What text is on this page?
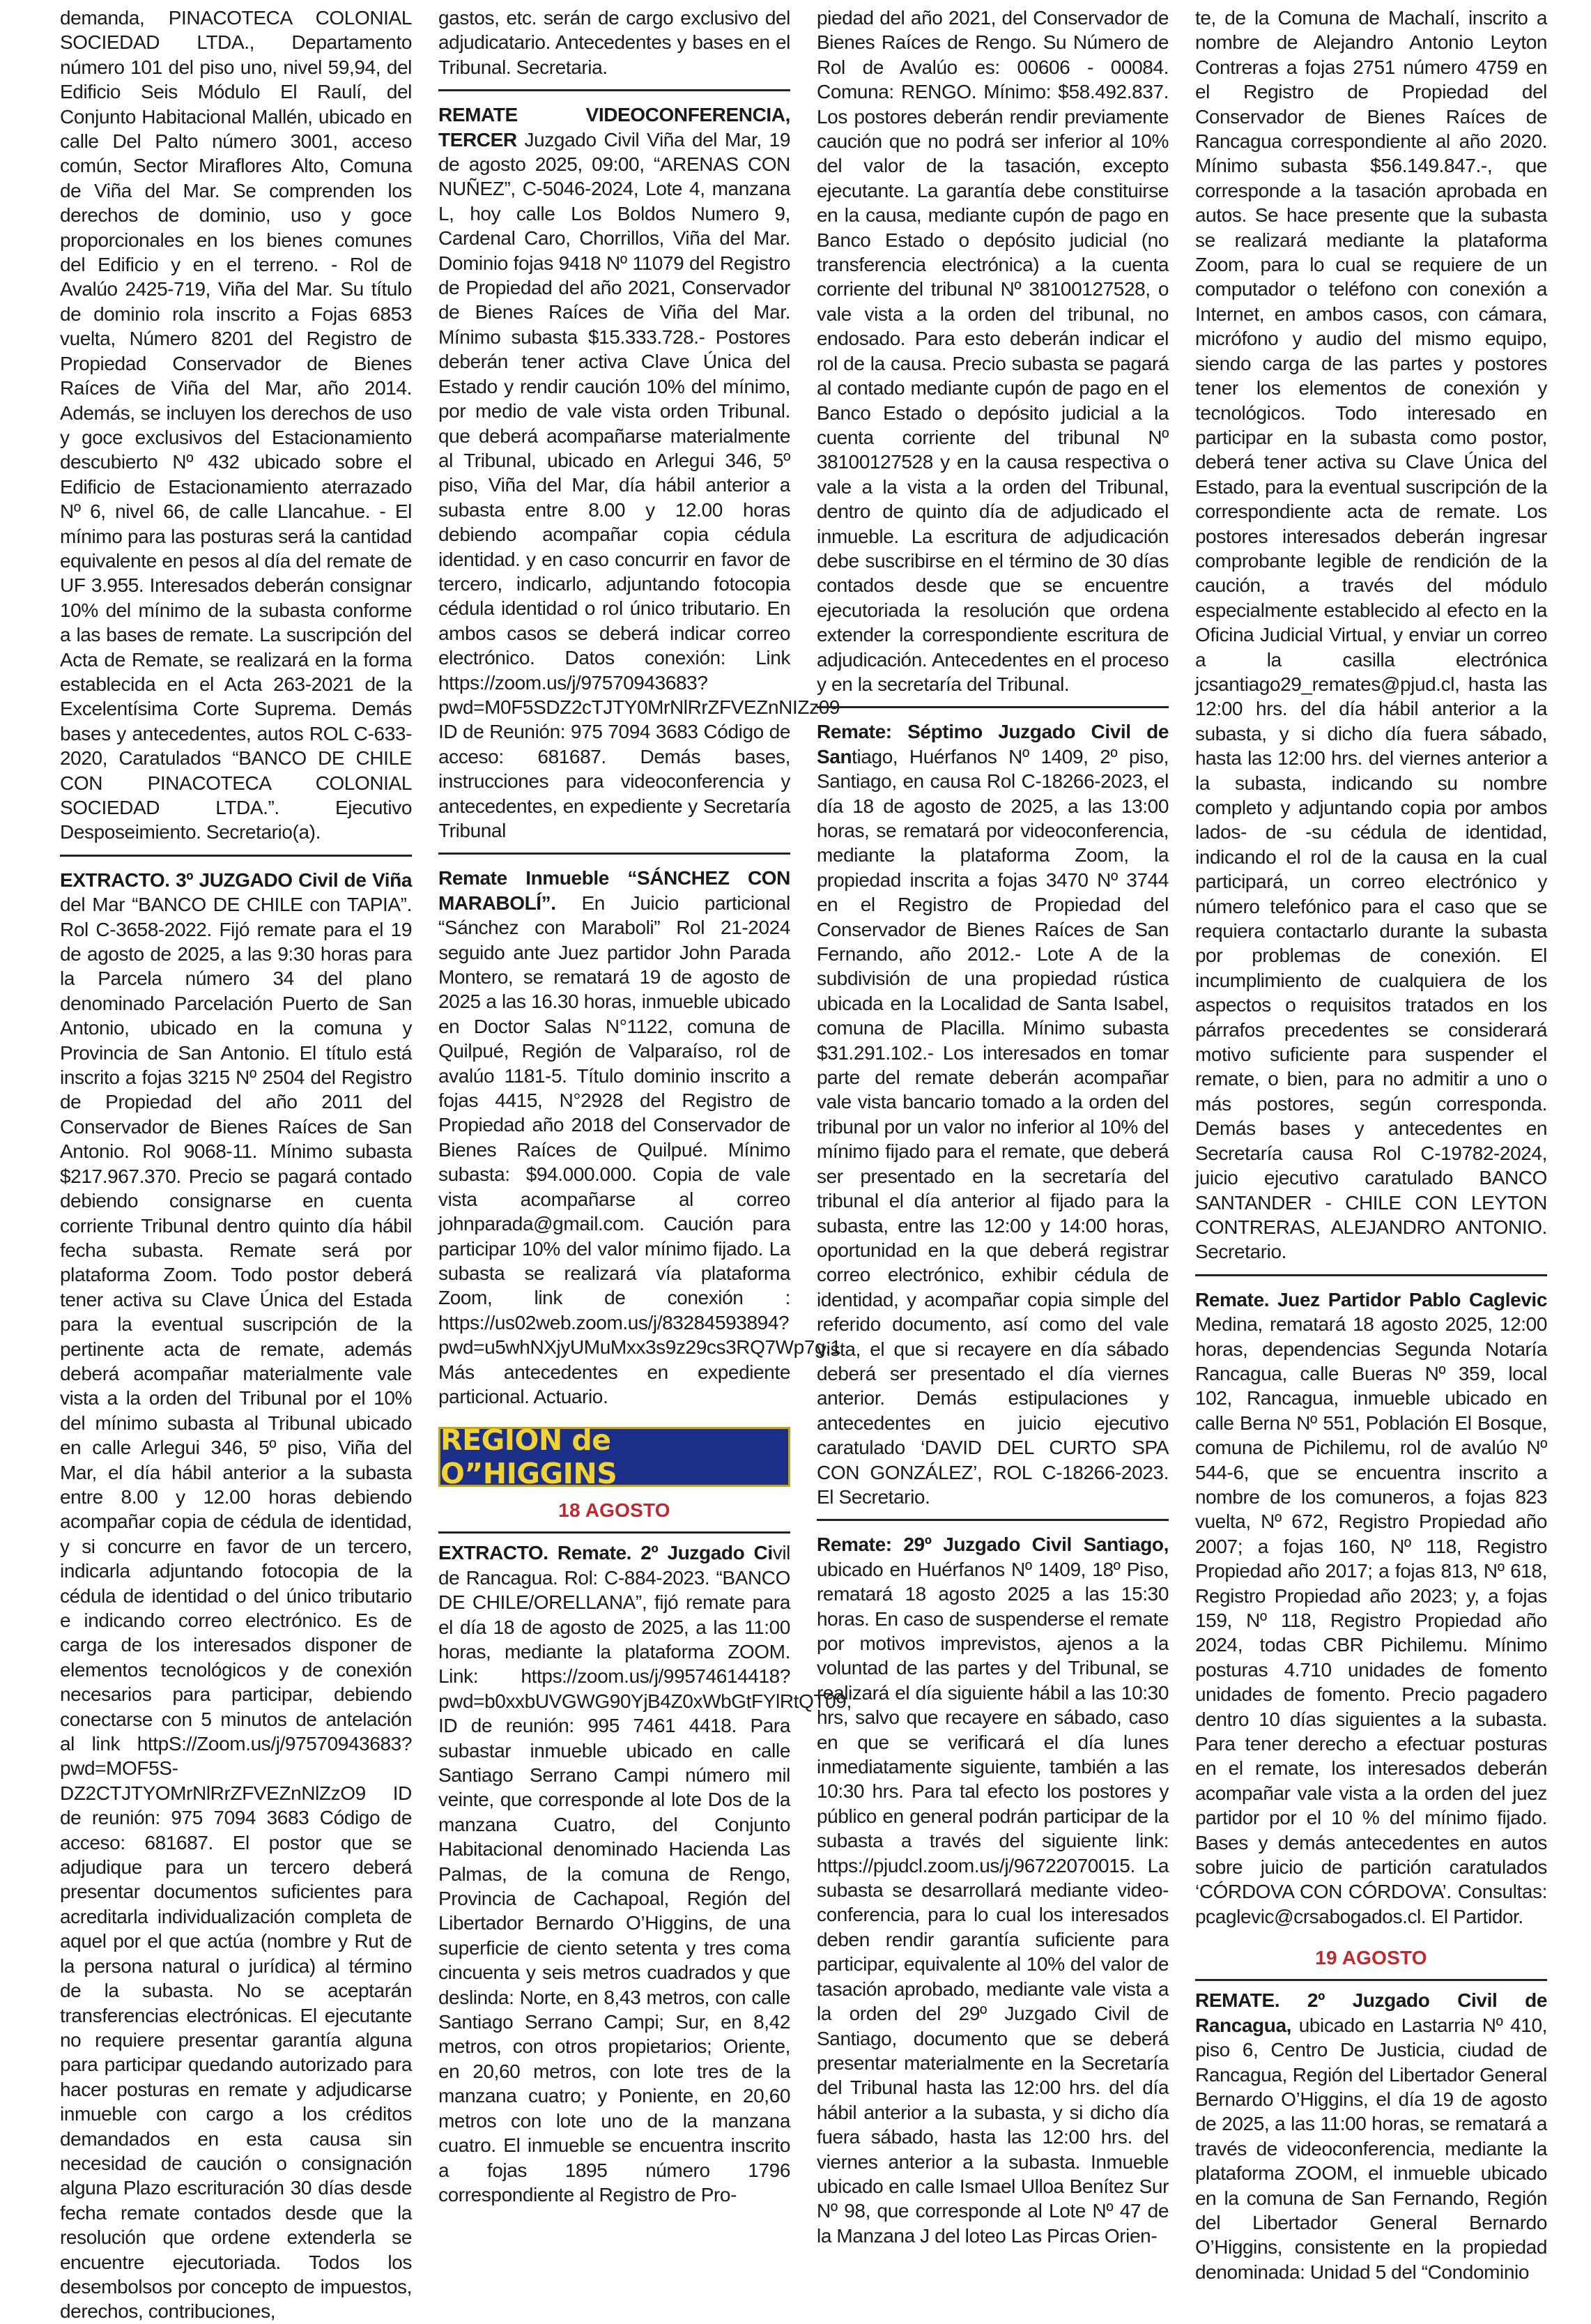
demanda, PINACOTECA COLONIAL SOCIEDAD LTDA., Departamento número 101 del piso uno, nivel 59,94, del Edificio Seis Módulo El Raulí, del Conjunto Habitacional Mallén, ubicado en calle Del Palto número 3001, acceso común, Sector Miraflores Alto, Comuna de Viña del Mar. Se comprenden los derechos de dominio, uso y goce proporcionales en los bienes comunes del Edificio y en el terreno. - Rol de Avalúo 2425-719, Viña del Mar. Su título de dominio rola inscrito a Fojas 6853 vuelta, Número 8201 del Registro de Propiedad Conservador de Bienes Raíces de Viña del Mar, año 2014. Además, se incluyen los derechos de uso y goce exclusivos del Estacionamiento descubierto Nº 432 ubicado sobre el Edificio de Estacionamiento aterrazado Nº 6, nivel 66, de calle Llancahue. - El mínimo para las posturas será la cantidad equivalente en pesos al día del remate de UF 3.955. Interesados deberán consignar 10% del mínimo de la subasta conforme a las bases de remate. La suscripción del Acta de Remate, se realizará en la forma establecida en el Acta 263-2021 de la Excelentísima Corte Suprema. Demás bases y antecedentes, autos ROL C-633-2020, Caratulados “BANCO DE CHILE CON PINACOTECA COLONIAL SOCIEDAD LTDA.”. Ejecutivo Desposeimiento. Secretario(a).

EXTRACTO. 3º JUZGADO Civil de Viña del Mar “BANCO DE CHILE con TAPIA”. Rol C-3658-2022. Fijó remate para el 19 de agosto de 2025, a las 9:30 horas para la Parcela número 34 del plano denominado Parcelación Puerto de San Antonio, ubicado en la comuna y Provincia de San Antonio. El título está inscrito a fojas 3215 Nº 2504 del Registro de Propiedad del año 2011 del Conservador de Bienes Raíces de San Antonio. Rol 9068-11. Mínimo subasta $217.967.370. Precio se pagará contado debiendo consignarse en cuenta corriente Tribunal dentro quinto día hábil fecha subasta. Remate será por plataforma Zoom. Todo postor deberá tener activa su Clave Única del Estada para la eventual suscripción de la pertinente acta de remate, además deberá acompañar materialmente vale vista a la orden del Tribunal por el 10% del mínimo subasta al Tribunal ubicado en calle Arlegui 346, 5º piso, Viña del Mar, el día hábil anterior a la subasta entre 8.00 y 12.00 horas debiendo acompañar copia de cédula de identidad, y si concurre en favor de un tercero, indicarla adjuntando fotocopia de la cédula de identidad o del único tributario e indicando correo electrónico. Es de carga de los interesados disponer de elementos tecnológicos y de conexión necesarios para participar, debiendo conectarse con 5 minutos de antelación al link httpS://Zoom.us/j/97570943683?pwd=MOF5S-DZ2CTJTYOMrNlRrZFVEZnNlZzO9 ID de reunión: 975 7094 3683 Código de acceso: 681687. El postor que se adjudique para un tercero deberá presentar documentos suficientes para acreditarla individualización completa de aquel por el que actúa (nombre y Rut de la persona natural o jurídica) al término de la subasta. No se aceptarán transferencias electrónicas. El ejecutante no requiere presentar garantía alguna para participar quedando autorizado para hacer posturas en remate y adjudicarse inmueble con cargo a los créditos demandados en esta causa sin necesidad de caución o consignación alguna Plazo escrituración 30 días desde fecha remate contados desde que la resolución que ordene extenderla se encuentre ejecutoriada. Todos los desembolsos por concepto de impuestos, derechos, contribuciones,

gastos, etc. serán de cargo exclusivo del adjudicatario. Antecedentes y bases en el Tribunal. Secretaria.

REMATE VIDEOCONFERENCIA, TERCER Juzgado Civil Viña del Mar, 19 de agosto 2025, 09:00, “ARENAS CON NUÑEZ”, C-5046-2024, Lote 4, manzana L, hoy calle Los Boldos Numero 9, Cardenal Caro, Chorrillos, Viña del Mar. Dominio fojas 9418 Nº 11079 del Registro de Propiedad del año 2021, Conservador de Bienes Raíces de Viña del Mar. Mínimo subasta $15.333.728.- Postores deberán tener activa Clave Única del Estado y rendir caución 10% del mínimo, por medio de vale vista orden Tribunal. que deberá acompañarse materialmente al Tribunal, ubicado en Arlegui 346, 5º piso, Viña del Mar, día hábil anterior a subasta entre 8.00 y 12.00 horas debiendo acompañar copia cédula identidad. y en caso concurrir en favor de tercero, indicarlo, adjuntando fotocopia cédula identidad o rol único tributario. En ambos casos se deberá indicar correo electrónico. Datos conexión: Link https://zoom.us/j/97570943683?pwd=M0F5SDZ2cTJTY0MrNlRrZFVEZnNIZz09 ID de Reunión: 975 7094 3683 Código de acceso: 681687. Demás bases, instrucciones para videoconferencia y antecedentes, en expediente y Secretaría Tribunal

Remate Inmueble “SÁNCHEZ CON MARABOLÍ”. En Juicio particional “Sánchez con Maraboli” Rol 21-2024 seguido ante Juez partidor John Parada Montero, se rematará 19 de agosto de 2025 a las 16.30 horas, inmueble ubicado en Doctor Salas N°1122, comuna de Quilpué, Región de Valparaíso, rol de avalúo 1181-5. Título dominio inscrito a fojas 4415, N°2928 del Registro de Propiedad año 2018 del Conservador de Bienes Raíces de Quilpué. Mínimo subasta: $94.000.000. Copia de vale vista acompañarse al correo johnparada@gmail.com. Caución para participar 10% del valor mínimo fijado. La subasta se realizará vía plataforma Zoom, link de conexión : https://us02web.zoom.us/j/83284593894?pwd=u5whNXjyUMuMxx3s9z29cs3RQ7Wp7g.1 Más antecedentes en expediente particional. Actuario.

REGION de O”HIGGINS
18 AGOSTO

EXTRACTO. Remate. 2º Juzgado Civil de Rancagua. Rol: C-884-2023. “BANCO DE CHILE/ORELLANA”, fijó remate para el día 18 de agosto de 2025, a las 11:00 horas, mediante la plataforma ZOOM. Link: https://zoom.us/j/99574614418?pwd=b0xxbUVGWG90YjB4Z0xWbGtFYlRtQT09, ID de reunión: 995 7461 4418. Para subastar inmueble ubicado en calle Santiago Serrano Campi número mil veinte, que corresponde al lote Dos de la manzana Cuatro, del Conjunto Habitacional denominado Hacienda Las Palmas, de la comuna de Rengo, Provincia de Cachapoal, Región del Libertador Bernardo O’Higgins, de una superficie de ciento setenta y tres coma cincuenta y seis metros cuadrados y que deslinda: Norte, en 8,43 metros, con calle Santiago Serrano Campi; Sur, en 8,42 metros, con otros propietarios; Oriente, en 20,60 metros, con lote tres de la manzana cuatro; y Poniente, en 20,60 metros con lote uno de la manzana cuatro. El inmueble se encuentra inscrito a fojas 1895 número 1796 correspondiente al Registro de Pro-

piedad del año 2021, del Conservador de Bienes Raíces de Rengo. Su Número de Rol de Avalúo es: 00606 - 00084. Comuna: RENGO. Mínimo: $58.492.837. Los postores deberán rendir previamente caución que no podrá ser inferior al 10% del valor de la tasación, excepto ejecutante. La garantía debe constituirse en la causa, mediante cupón de pago en Banco Estado o depósito judicial (no transferencia electrónica) a la cuenta corriente del tribunal Nº 38100127528, o vale vista a la orden del tribunal, no endosado. Para esto deberán indicar el rol de la causa. Precio subasta se pagará al contado mediante cupón de pago en el Banco Estado o depósito judicial a la cuenta corriente del tribunal Nº 38100127528 y en la causa respectiva o vale a la vista a la orden del Tribunal, dentro de quinto día de adjudicado el inmueble. La escritura de adjudicación debe suscribirse en el término de 30 días contados desde que se encuentre ejecutoriada la resolución que ordena extender la correspondiente escritura de adjudicación. Antecedentes en el proceso y en la secretaría del Tribunal.

Remate: Séptimo Juzgado Civil de Santiago, Huérfanos Nº 1409, 2º piso, Santiago, en causa Rol C-18266-2023, el día 18 de agosto de 2025, a las 13:00 horas, se rematará por videoconferencia, mediante la plataforma Zoom, la propiedad inscrita a fojas 3470 Nº 3744 en el Registro de Propiedad del Conservador de Bienes Raíces de San Fernando, año 2012.- Lote A de la subdivisión de una propiedad rústica ubicada en la Localidad de Santa Isabel, comuna de Placilla. Mínimo subasta $31.291.102.- Los interesados en tomar parte del remate deberán acompañar vale vista bancario tomado a la orden del tribunal por un valor no inferior al 10% del mínimo fijado para el remate, que deberá ser presentado en la secretaría del tribunal el día anterior al fijado para la subasta, entre las 12:00 y 14:00 horas, oportunidad en la que deberá registrar correo electrónico, exhibir cédula de identidad, y acompañar copia simple del referido documento, así como del vale vista, el que si recayere en día sábado deberá ser presentado el día viernes anterior. Demás estipulaciones y antecedentes en juicio ejecutivo caratulado ‘DAVID DEL CURTO SPA CON GONZÁLEZ’, ROL C-18266-2023. El Secretario.

Remate: 29º Juzgado Civil Santiago, ubicado en Huérfanos Nº 1409, 18º Piso, rematará 18 agosto 2025 a las 15:30 horas. En caso de suspenderse el remate por motivos imprevistos, ajenos a la voluntad de las partes y del Tribunal, se realizará el día siguiente hábil a las 10:30 hrs, salvo que recayere en sábado, caso en que se verificará el día lunes inmediatamente siguiente, también a las 10:30 hrs. Para tal efecto los postores y público en general podrán participar de la subasta a través del siguiente link: https://pjudcl.zoom.us/j/96722070015. La subasta se desarrollará mediante video-conferencia, para lo cual los interesados deben rendir garantía suficiente para participar, equivalente al 10% del valor de tasación aprobado, mediante vale vista a la orden del 29º Juzgado Civil de Santiago, documento que se deberá presentar materialmente en la Secretaría del Tribunal hasta las 12:00 hrs. del día hábil anterior a la subasta, y si dicho día fuera sábado, hasta las 12:00 hrs. del viernes anterior a la subasta. Inmueble ubicado en calle Ismael Ulloa Benítez Sur Nº 98, que corresponde al Lote Nº 47 de la Manzana J del loteo Las Pircas Orien-

te, de la Comuna de Machalí, inscrito a nombre de Alejandro Antonio Leyton Contreras a fojas 2751 número 4759 en el Registro de Propiedad del Conservador de Bienes Raíces de Rancagua correspondiente al año 2020. Mínimo subasta $56.149.847.-, que corresponde a la tasación aprobada en autos. Se hace presente que la subasta se realizará mediante la plataforma Zoom, para lo cual se requiere de un computador o teléfono con conexión a Internet, en ambos casos, con cámara, micrófono y audio del mismo equipo, siendo carga de las partes y postores tener los elementos de conexión y tecnológicos. Todo interesado en participar en la subasta como postor, deberá tener activa su Clave Única del Estado, para la eventual suscripción de la correspondiente acta de remate. Los postores interesados deberán ingresar comprobante legible de rendición de la caución, a través del módulo especialmente establecido al efecto en la Oficina Judicial Virtual, y enviar un correo a la casilla electrónica jcsantiago29_remates@pjud.cl, hasta las 12:00 hrs. del día hábil anterior a la subasta, y si dicho día fuera sábado, hasta las 12:00 hrs. del viernes anterior a la subasta, indicando su nombre completo y adjuntando copia por ambos lados- de -su cédula de identidad, indicando el rol de la causa en la cual participará, un correo electrónico y número telefónico para el caso que se requiera contactarlo durante la subasta por problemas de conexión. El incumplimiento de cualquiera de los aspectos o requisitos tratados en los párrafos precedentes se considerará motivo suficiente para suspender el remate, o bien, para no admitir a uno o más postores, según corresponda. Demás bases y antecedentes en Secretaría causa Rol C-19782-2024, juicio ejecutivo caratulado BANCO SANTANDER - CHILE CON LEYTON CONTRERAS, ALEJANDRO ANTONIO. Secretario.

Remate. Juez Partidor Pablo Caglevic Medina, rematará 18 agosto 2025, 12:00 horas, dependencias Segunda Notaría Rancagua, calle Bueras Nº 359, local 102, Rancagua, inmueble ubicado en calle Berna Nº 551, Población El Bosque, comuna de Pichilemu, rol de avalúo Nº 544-6, que se encuentra inscrito a nombre de los comuneros, a fojas 823 vuelta, Nº 672, Registro Propiedad año 2007; a fojas 160, Nº 118, Registro Propiedad año 2017; a fojas 813, Nº 618, Registro Propiedad año 2023; y, a fojas 159, Nº 118, Registro Propiedad año 2024, todas CBR Pichilemu. Mínimo posturas 4.710 unidades de fomento unidades de fomento. Precio pagadero dentro 10 días siguientes a la subasta. Para tener derecho a efectuar posturas en el remate, los interesados deberán acompañar vale vista a la orden del juez partidor por el 10 % del mínimo fijado. Bases y demás antecedentes en autos sobre juicio de partición caratulados ‘CÓRDOVA CON CÓRDOVA’. Consultas: pcaglevic@crsabogados.cl. El Partidor.

19 AGOSTO

REMATE. 2º Juzgado Civil de Rancagua, ubicado en Lastarria Nº 410, piso 6, Centro De Justicia, ciudad de Rancagua, Región del Libertador General Bernardo O’Higgins, el día 19 de agosto de 2025, a las 11:00 horas, se rematará a través de videoconferencia, mediante la plataforma ZOOM, el inmueble ubicado en la comuna de San Fernando, Región del Libertador General Bernardo O’Higgins, consistente en la propiedad denominada: Unidad 5 del “Condominio
